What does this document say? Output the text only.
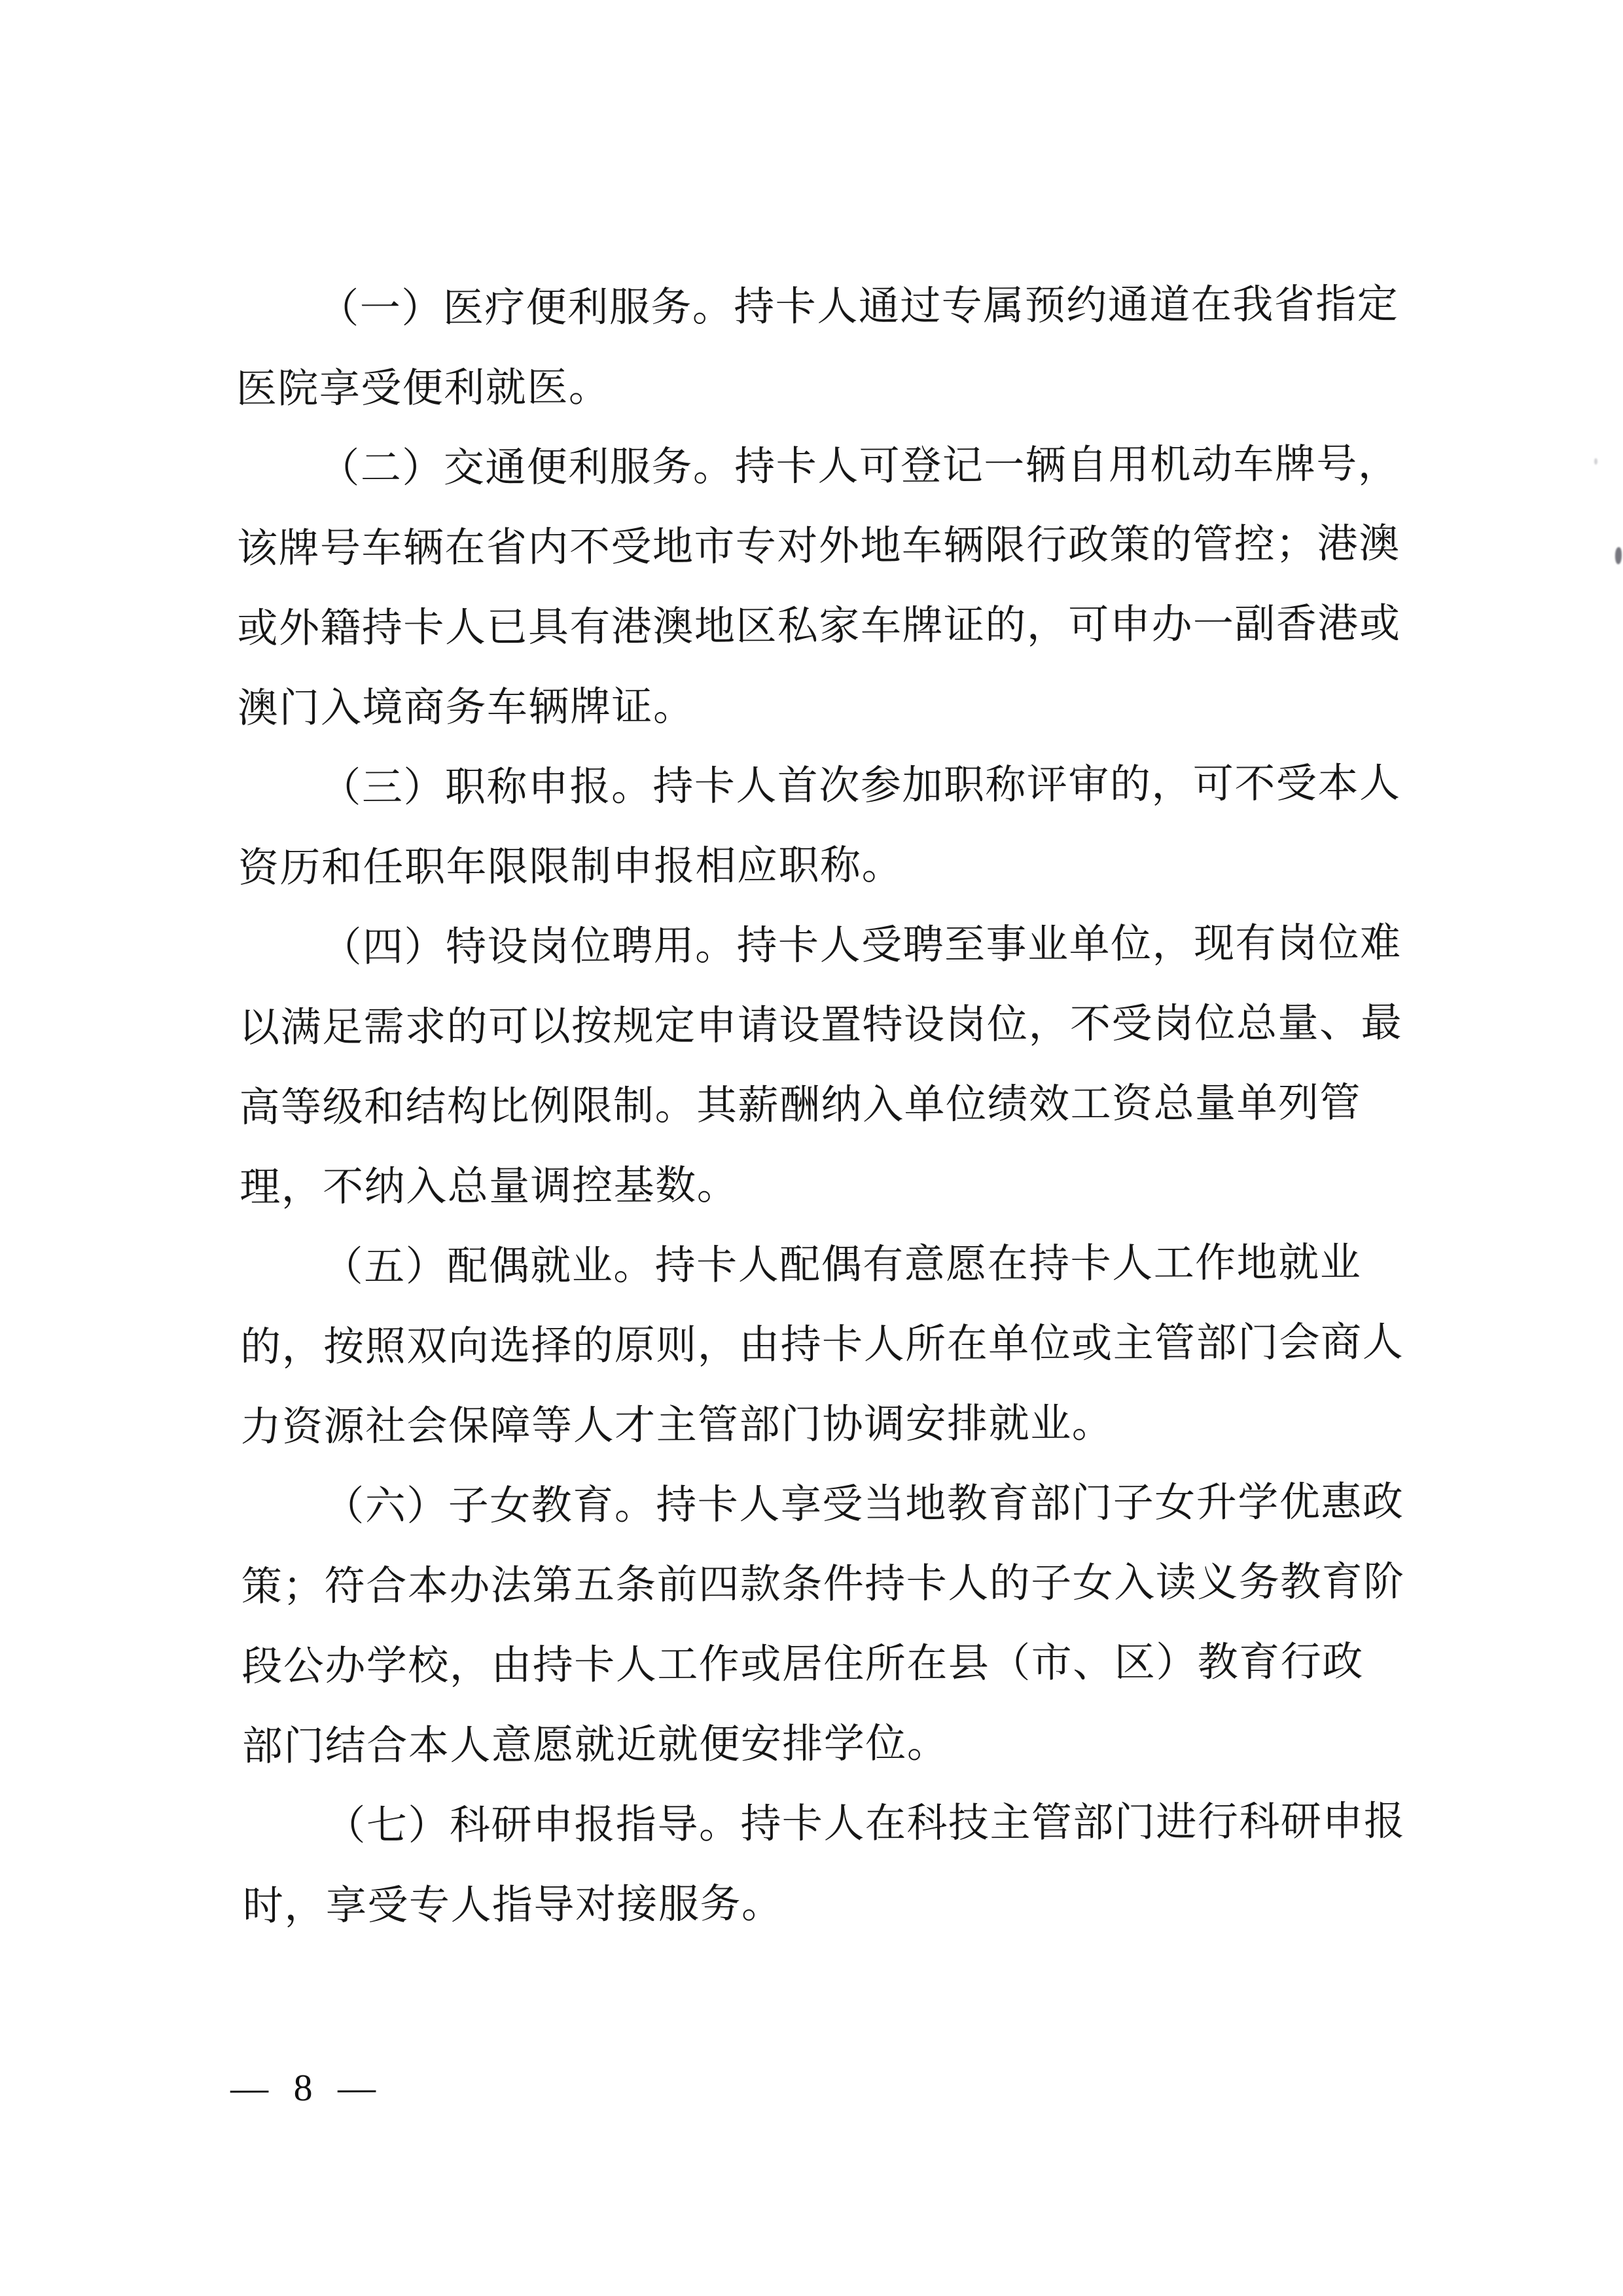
（一）医疗便利服务。持卡人通过专属预约通道在我省指定
医院享受便利就医。

（二）交通便利服务。持卡人可登记一辆自用机动车牌号，
该牌号车辆在省内不受地市专对外地车辆限行政策的管控；港澳
或外籍持卡人已具有港澳地区私家车牌证的，可申办一副香港或
澳门入境商务车辆牌证。

（三）职称申报。持卡人首次参加职称评审的，可不受本人
资历和任职年限限制申报相应职称。

（四）特设岗位聘用。持卡人受聘至事业单位，现有岗位难
以满足需求的可以按规定申请设置特设岗位，不受岗位总量、最
高等级和结构比例限制。其薪酬纳入单位绩效工资总量单列管
理，不纳入总量调控基数。

（五）配偶就业。持卡人配偶有意愿在持卡人工作地就业
的，按照双向选择的原则，由持卡人所在单位或主管部门会商人
力资源社会保障等人才主管部门协调安排就业。

（六）子女教育。持卡人享受当地教育部门子女升学优惠政
策；符合本办法第五条前四款条件持卡人的子女入读义务教育阶
段公办学校，由持卡人工作或居住所在县（市、区）教育行政
部门结合本人意愿就近就便安排学位。

（七）科研申报指导。持卡人在科技主管部门进行科研申报
时，享受专人指导对接服务。

— 8 —
